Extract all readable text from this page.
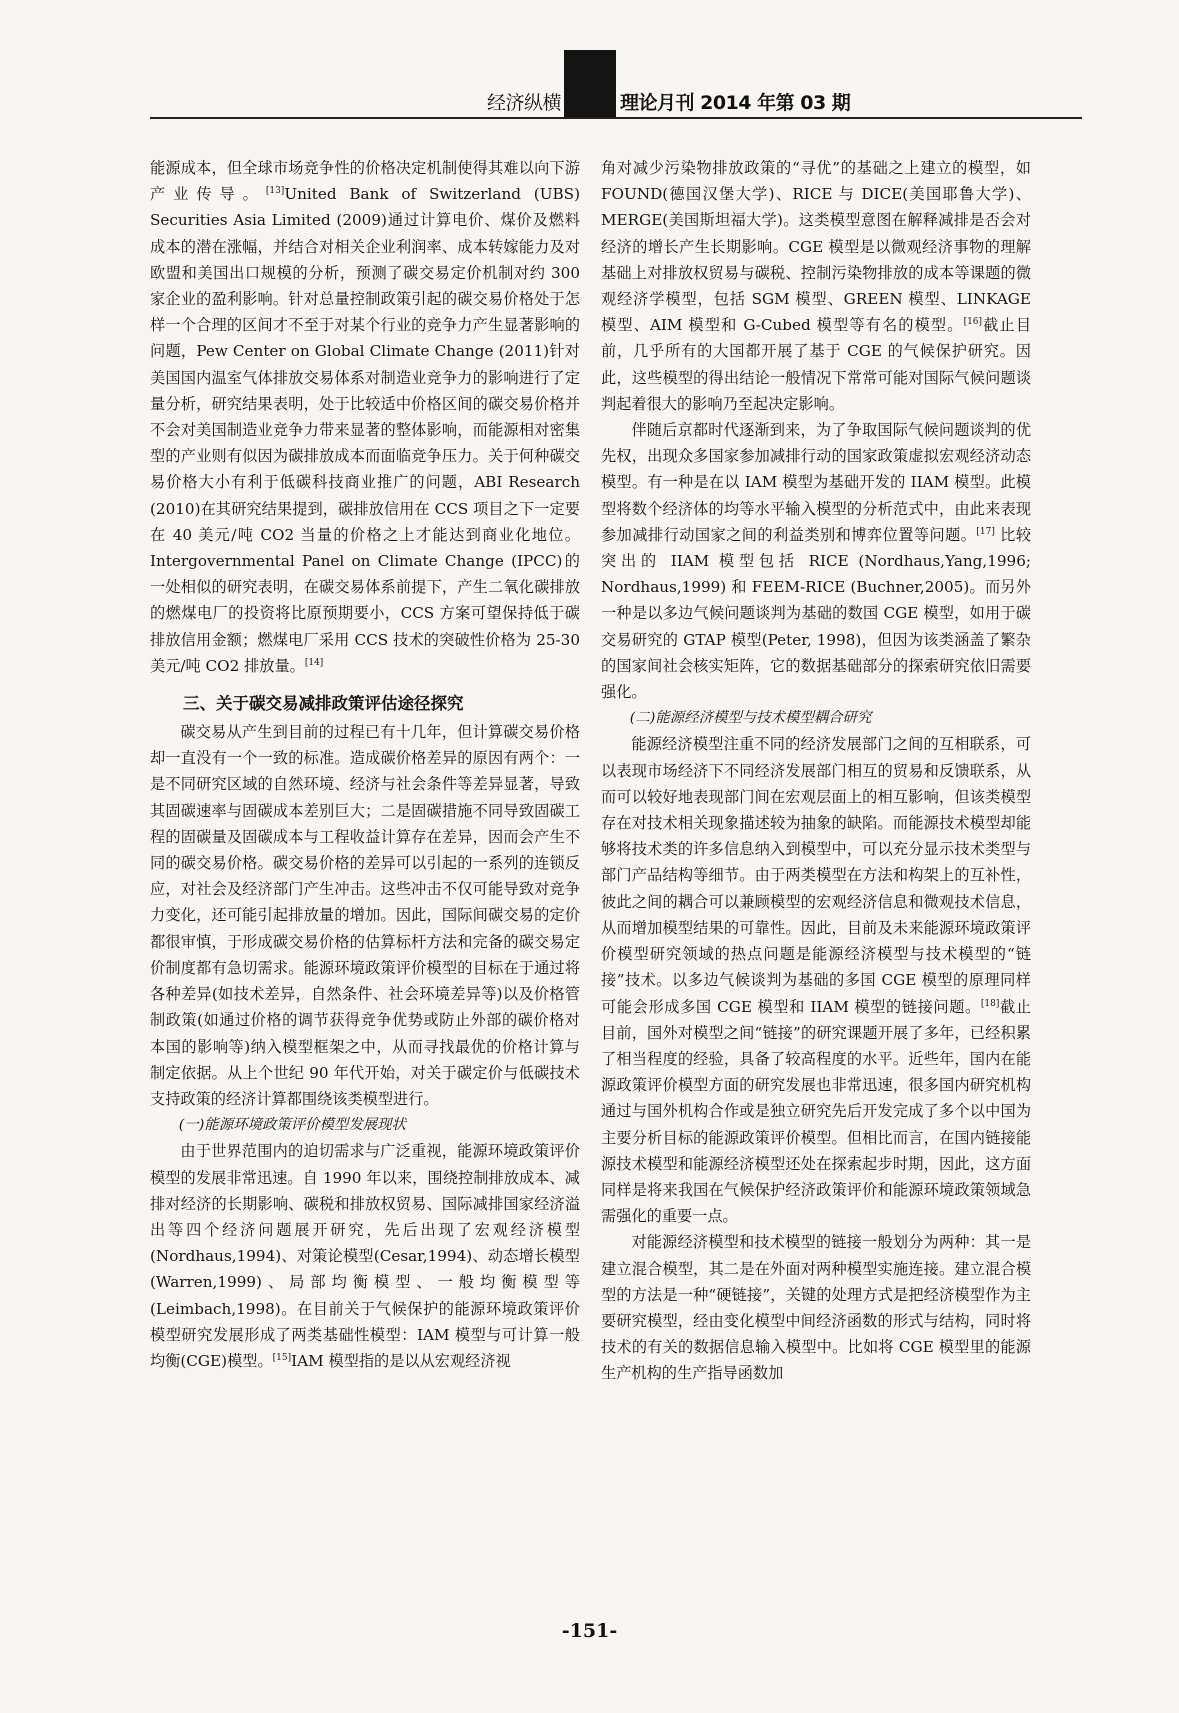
经济纵横	理论月刊 2014 年第 03 期

能源成本，但全球市场竞争性的价格决定机制使得其难以向下游产业传导。[13]United Bank of Switzerland (UBS) Securities Asia Limited (2009)通过计算电价、煤价及燃料成本的潜在涨幅，并结合对相关企业利润率、成本转嫁能力及对欧盟和美国出口规模的分析，预测了碳交易定价机制对约 300 家企业的盈利影响。针对总量控制政策引起的碳交易价格处于怎样一个合理的区间才不至于对某个行业的竞争力产生显著影响的问题，Pew Center on Global Climate Change (2011)针对美国国内温室气体排放交易体系对制造业竞争力的影响进行了定量分析，研究结果表明，处于比较适中价格区间的碳交易价格并不会对美国制造业竞争力带来显著的整体影响，而能源相对密集型的产业则有似因为碳排放成本而面临竞争压力。关于何种碳交易价格大小有利于低碳科技商业推广的问题，ABI Research (2010)在其研究结果提到，碳排放信用在 CCS 项目之下一定要在 40 美元/吨 CO2 当量的价格之上才能达到商业化地位。Intergovernmental Panel on Climate Change (IPCC)的一处相似的研究表明，在碳交易体系前提下，产生二氧化碳排放的燃煤电厂的投资将比原预期要小，CCS 方案可望保持低于碳排放信用金额；燃煤电厂采用 CCS 技术的突破性价格为 25-30 美元/吨 CO2 排放量。[14]

三、关于碳交易减排政策评估途径探究

碳交易从产生到目前的过程已有十几年，但计算碳交易价格却一直没有一个一致的标准。造成碳价格差异的原因有两个：一是不同研究区域的自然环境、经济与社会条件等差异显著，导致其固碳速率与固碳成本差别巨大；二是固碳措施不同导致固碳工程的固碳量及固碳成本与工程收益计算存在差异，因而会产生不同的碳交易价格。碳交易价格的差异可以引起的一系列的连锁反应，对社会及经济部门产生冲击。这些冲击不仅可能导致对竞争力变化，还可能引起排放量的增加。因此，国际间碳交易的定价都很审慎，于形成碳交易价格的估算标杆方法和完备的碳交易定价制度都有急切需求。能源环境政策评价模型的目标在于通过将各种差异(如技术差异，自然条件、社会环境差异等)以及价格管制政策(如通过价格的调节获得竞争优势或防止外部的碳价格对本国的影响等)纳入模型框架之中，从而寻找最优的价格计算与制定依据。从上个世纪 90 年代开始，对关于碳定价与低碳技术支持政策的经济计算都围绕该类模型进行。

(一)能源环境政策评价模型发展现状

由于世界范围内的迫切需求与广泛重视，能源环境政策评价模型的发展非常迅速。自 1990 年以来，围绕控制排放成本、减排对经济的长期影响、碳税和排放权贸易、国际减排国家经济溢出等四个经济问题展开研究，先后出现了宏观经济模型(Nordhaus,1994)、对策论模型(Cesar,1994)、动态增长模型(Warren,1999)、局部均衡模型、一般均衡模型等(Leimbach,1998)。在目前关于气候保护的能源环境政策评价模型研究发展形成了两类基础性模型：IAM 模型与可计算一般均衡(CGE)模型。[15]IAM 模型指的是以从宏观经济视

角对减少污染物排放政策的“寻优”的基础之上建立的模型，如 FOUND(德国汉堡大学)、RICE 与 DICE(美国耶鲁大学)、MERGE(美国斯坦福大学)。这类模型意图在解释减排是否会对经济的增长产生长期影响。CGE 模型是以微观经济事物的理解基础上对排放权贸易与碳税、控制污染物排放的成本等课题的微观经济学模型，包括 SGM 模型、GREEN 模型、LINKAGE 模型、AIM 模型和 G-Cubed 模型等有名的模型。[16]截止目前，几乎所有的大国都开展了基于 CGE 的气候保护研究。因此，这些模型的得出结论一般情况下常常可能对国际气候问题谈判起着很大的影响乃至起决定影响。

伴随后京都时代逐渐到来，为了争取国际气候问题谈判的优先权，出现众多国家参加减排行动的国家政策虚拟宏观经济动态模型。有一种是在以 IAM 模型为基础开发的 IIAM 模型。此模型将数个经济体的均等水平输入模型的分析范式中，由此来表现参加减排行动国家之间的利益类别和博弈位置等问题。[17] 比较突出的 IIAM 模型包括 RICE (Nordhaus,Yang,1996; Nordhaus,1999) 和 FEEM-RICE (Buchner,2005)。而另外一种是以多边气候问题谈判为基础的数国 CGE 模型，如用于碳交易研究的 GTAP 模型(Peter, 1998)，但因为该类涵盖了繁杂的国家间社会核实矩阵，它的数据基础部分的探索研究依旧需要强化。

(二)能源经济模型与技术模型耦合研究

能源经济模型注重不同的经济发展部门之间的互相联系，可以表现市场经济下不同经济发展部门相互的贸易和反馈联系，从而可以较好地表现部门间在宏观层面上的相互影响，但该类模型存在对技术相关现象描述较为抽象的缺陷。而能源技术模型却能够将技术类的许多信息纳入到模型中，可以充分显示技术类型与部门产品结构等细节。由于两类模型在方法和构架上的互补性，彼此之间的耦合可以兼顾模型的宏观经济信息和微观技术信息，从而增加模型结果的可靠性。因此，目前及未来能源环境政策评价模型研究领域的热点问题是能源经济模型与技术模型的“链接”技术。以多边气候谈判为基础的多国 CGE 模型的原理同样可能会形成多国 CGE 模型和 IIAM 模型的链接问题。[18]截止目前，国外对模型之间“链接”的研究课题开展了多年，已经积累了相当程度的经验，具备了较高程度的水平。近些年，国内在能源政策评价模型方面的研究发展也非常迅速，很多国内研究机构通过与国外机构合作或是独立研究先后开发完成了多个以中国为主要分析目标的能源政策评价模型。但相比而言，在国内链接能源技术模型和能源经济模型还处在探索起步时期，因此，这方面同样是将来我国在气候保护经济政策评价和能源环境政策领域急需强化的重要一点。

对能源经济模型和技术模型的链接一般划分为两种：其一是建立混合模型，其二是在外面对两种模型实施连接。建立混合模型的方法是一种“硬链接”，关键的处理方式是把经济模型作为主要研究模型，经由变化模型中间经济函数的形式与结构，同时将技术的有关的数据信息输入模型中。比如将 CGE 模型里的能源生产机构的生产指导函数加

-151-
